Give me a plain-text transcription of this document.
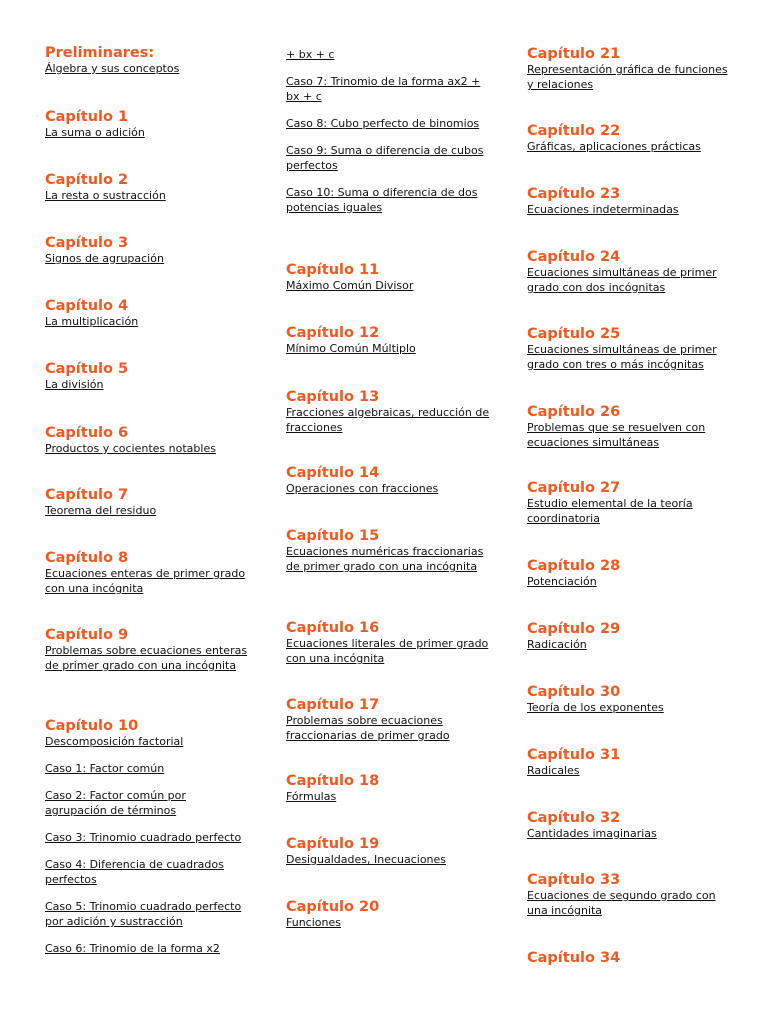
Preliminares:
Álgebra y sus conceptos
Capítulo 1
La suma o adición
Capítulo 2
La resta o sustracción
Capítulo 3
Signos de agrupación
Capítulo 4
La multiplicación
Capítulo 5
La división
Capítulo 6
Productos y cocientes notables
Capítulo 7
Teorema del residuo
Capítulo 8
Ecuaciones enteras de primer grado con una incógnita
Capítulo 9
Problemas sobre ecuaciones enteras de primer grado con una incógnita
Capítulo 10
Descomposición factorial
Caso 1: Factor común
Caso 2: Factor común por agrupación de términos
Caso 3: Trinomio cuadrado perfecto
Caso 4: Diferencia de cuadrados perfectos
Caso 5: Trinomio cuadrado perfecto por adición y sustracción
Caso 6: Trinomio de la forma x2
+ bx + c
Caso 7: Trinomio de la forma ax2 + bx + c
Caso 8: Cubo perfecto de binomios
Caso 9: Suma o diferencia de cubos perfectos
Caso 10: Suma o diferencia de dos potencias iguales
Capítulo 11
Máximo Común Divisor
Capítulo 12
Mínimo Común Múltiplo
Capítulo 13
Fracciones algebraicas, reducción de fracciones
Capítulo 14
Operaciones con fracciones
Capítulo 15
Ecuaciones numéricas fraccionarias de primer grado con una incógnita
Capítulo 16
Ecuaciones literales de primer grado con una incógnita
Capítulo 17
Problemas sobre ecuaciones fraccionarias de primer grado
Capítulo 18
Fórmulas
Capítulo 19
Desigualdades, Inecuaciones
Capítulo 20
Funciones
Capítulo 21
Representación gráfica de funciones y relaciones
Capítulo 22
Gráficas, aplicaciones prácticas
Capítulo 23
Ecuaciones indeterminadas
Capítulo 24
Ecuaciones simultáneas de primer grado con dos incógnitas
Capítulo 25
Ecuaciones simultáneas de primer grado con tres o más incógnitas
Capítulo 26
Problemas que se resuelven con ecuaciones simultáneas
Capítulo 27
Estudio elemental de la teoría coordinatoria
Capítulo 28
Potenciación
Capítulo 29
Radicación
Capítulo 30
Teoría de los exponentes
Capítulo 31
Radicales
Capítulo 32
Cantidades imaginarias
Capítulo 33
Ecuaciones de segundo grado con una incógnita
Capítulo 34
